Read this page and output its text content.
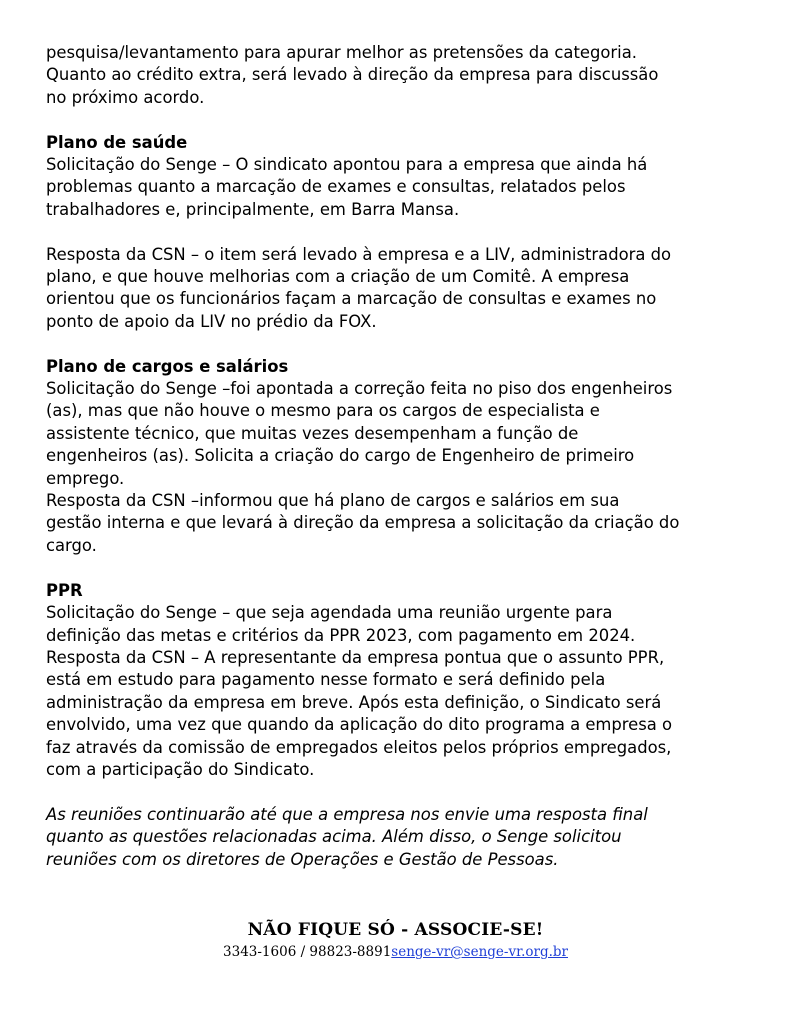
pesquisa/levantamento para apurar melhor as pretensões da categoria.
Quanto ao crédito extra, será levado à direção da empresa para discussão
no próximo acordo.

Plano de saúde

Solicitação do Senge – O sindicato apontou para a empresa que ainda há
problemas quanto a marcação de exames e consultas, relatados pelos
trabalhadores e, principalmente, em Barra Mansa.

Resposta da CSN – o item será levado à empresa e a LIV, administradora do
plano, e que houve melhorias com a criação de um Comitê. A empresa
orientou que os funcionários façam a marcação de consultas e exames no
ponto de apoio da LIV no prédio da FOX.

Plano de cargos e salários

Solicitação do Senge –foi apontada a correção feita no piso dos engenheiros
(as), mas que não houve o mesmo para os cargos de especialista e
assistente técnico, que muitas vezes desempenham a função de
engenheiros (as). Solicita a criação do cargo de Engenheiro de primeiro
emprego.
Resposta da CSN –informou que há plano de cargos e salários em sua
gestão interna e que levará à direção da empresa a solicitação da criação do
cargo.

PPR

Solicitação do Senge – que seja agendada uma reunião urgente para
definição das metas e critérios da PPR 2023, com pagamento em 2024.
Resposta da CSN – A representante da empresa pontua que o assunto PPR,
está em estudo para pagamento nesse formato e será definido pela
administração da empresa em breve. Após esta definição, o Sindicato será
envolvido, uma vez que quando da aplicação do dito programa a empresa o
faz através da comissão de empregados eleitos pelos próprios empregados,
com a participação do Sindicato.

As reuniões continuarão até que a empresa nos envie uma resposta final
quanto as questões relacionadas acima. Além disso, o Senge solicitou
reuniões com os diretores de Operações e Gestão de Pessoas.

NÃO FIQUE SÓ - ASSOCIE-SE!
3343-1606 / 98823-8891senge-vr@senge-vr.org.br
